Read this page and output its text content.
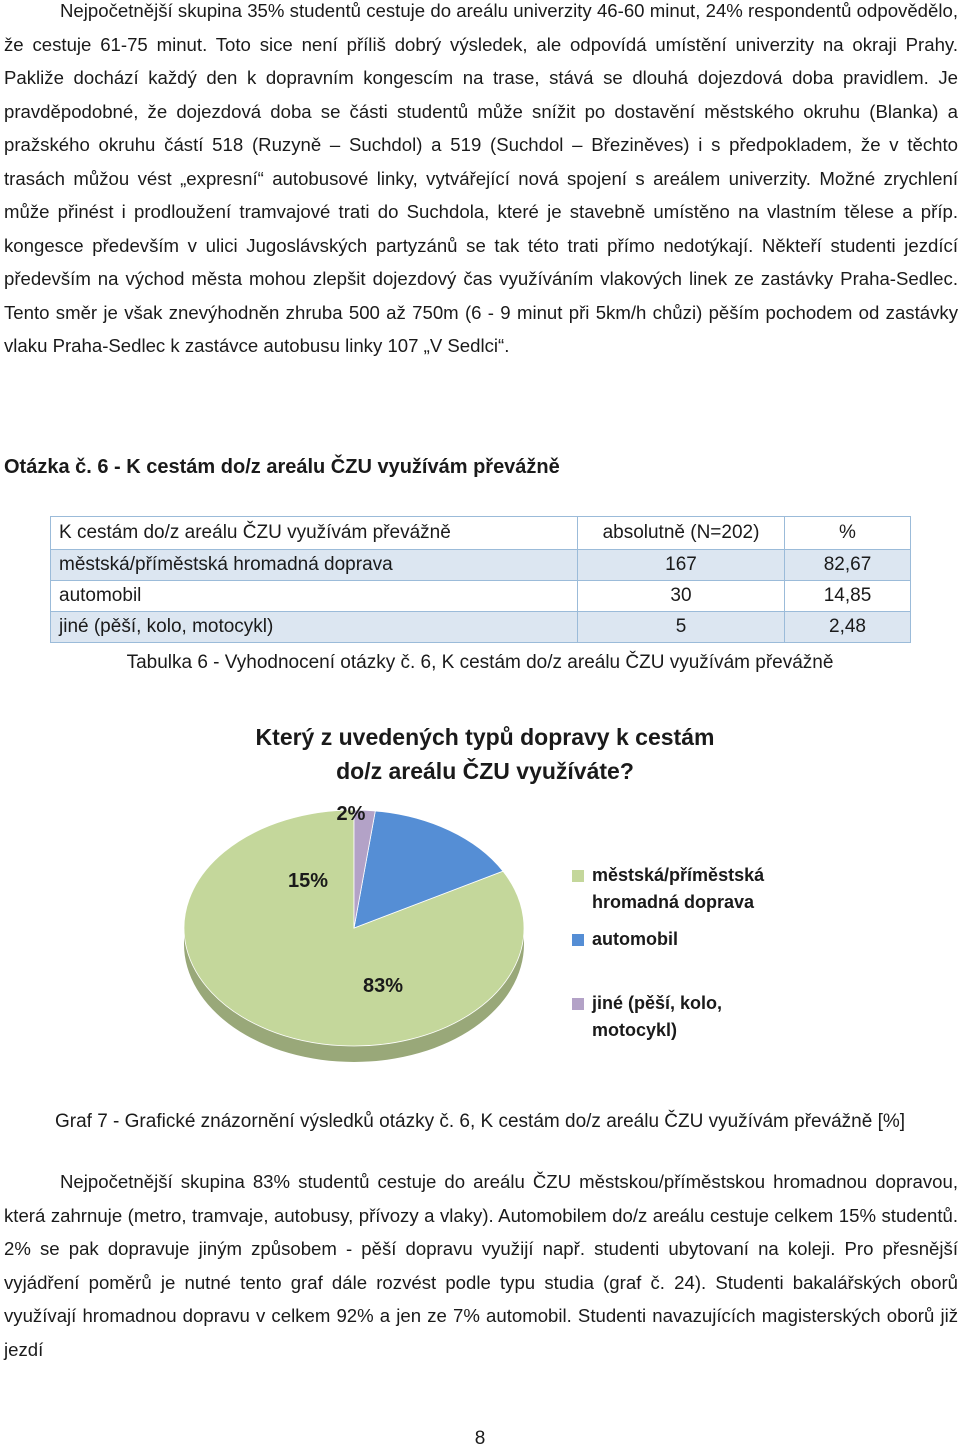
Nejpočetnější skupina 35% studentů cestuje do areálu univerzity 46-60 minut, 24% respondentů odpovědělo, že cestuje 61-75 minut. Toto sice není příliš dobrý výsledek, ale odpovídá umístění univerzity na okraji Prahy. Pakliže dochází každý den k dopravním kongescím na trase, stává se dlouhá dojezdová doba pravidlem. Je pravděpodobné, že dojezdová doba se části studentů může snížit po dostavění městského okruhu (Blanka) a pražského okruhu částí 518 (Ruzyně – Suchdol) a 519 (Suchdol – Březiněves) i s předpokladem, že v těchto trasách můžou vést „expresní“ autobusové linky, vytvářející nová spojení s areálem univerzity. Možné zrychlení může přinést i prodloužení tramvajové trati do Suchdola, které je stavebně umístěno na vlastním tělese a příp. kongesce především v ulici Jugoslávských partyzánů se tak této trati přímo nedotýkají. Někteří studenti jezdící především na východ města mohou zlepšit dojezdový čas využíváním vlakových linek ze zastávky Praha-Sedlec. Tento směr je však znevýhodněn zhruba 500 až 750m (6 - 9 minut při 5km/h chůzi) pěším pochodem od zastávky vlaku Praha-Sedlec k zastávce autobusu linky 107 „V Sedlci“.

Otázka č. 6 - K cestám do/z areálu ČZU využívám převážně

K cestám do/z areálu ČZU využívám převážně	absolutně (N=202)	%
městská/příměstská hromadná doprava	167	82,67
automobil	30	14,85
jiné (pěší, kolo, motocykl)	5	2,48

Tabulka 6 - Vyhodnocení otázky č. 6, K cestám do/z areálu ČZU využívám převážně

Který z uvedených typů dopravy k cestám
do/z areálu ČZU využíváte?

83%
15%
2%
městská/příměstská
hromadná doprava
automobil
jiné (pěší, kolo,
motocykl)

Graf 7 - Grafické znázornění výsledků otázky č. 6, K cestám do/z areálu ČZU využívám převážně [%]

Nejpočetnější skupina 83% studentů cestuje do areálu ČZU městskou/příměstskou hromadnou dopravou, která zahrnuje (metro, tramvaje, autobusy, přívozy a vlaky). Automobilem do/z areálu cestuje celkem 15% studentů. 2% se pak dopravuje jiným způsobem - pěší dopravu využijí např. studenti ubytovaní na koleji. Pro přesnější vyjádření poměrů je nutné tento graf dále rozvést podle typu studia (graf č. 24). Studenti bakalářských oborů využívají hromadnou dopravu v celkem 92% a jen ze 7% automobil. Studenti navazujících magisterských oborů již jezdí

8
